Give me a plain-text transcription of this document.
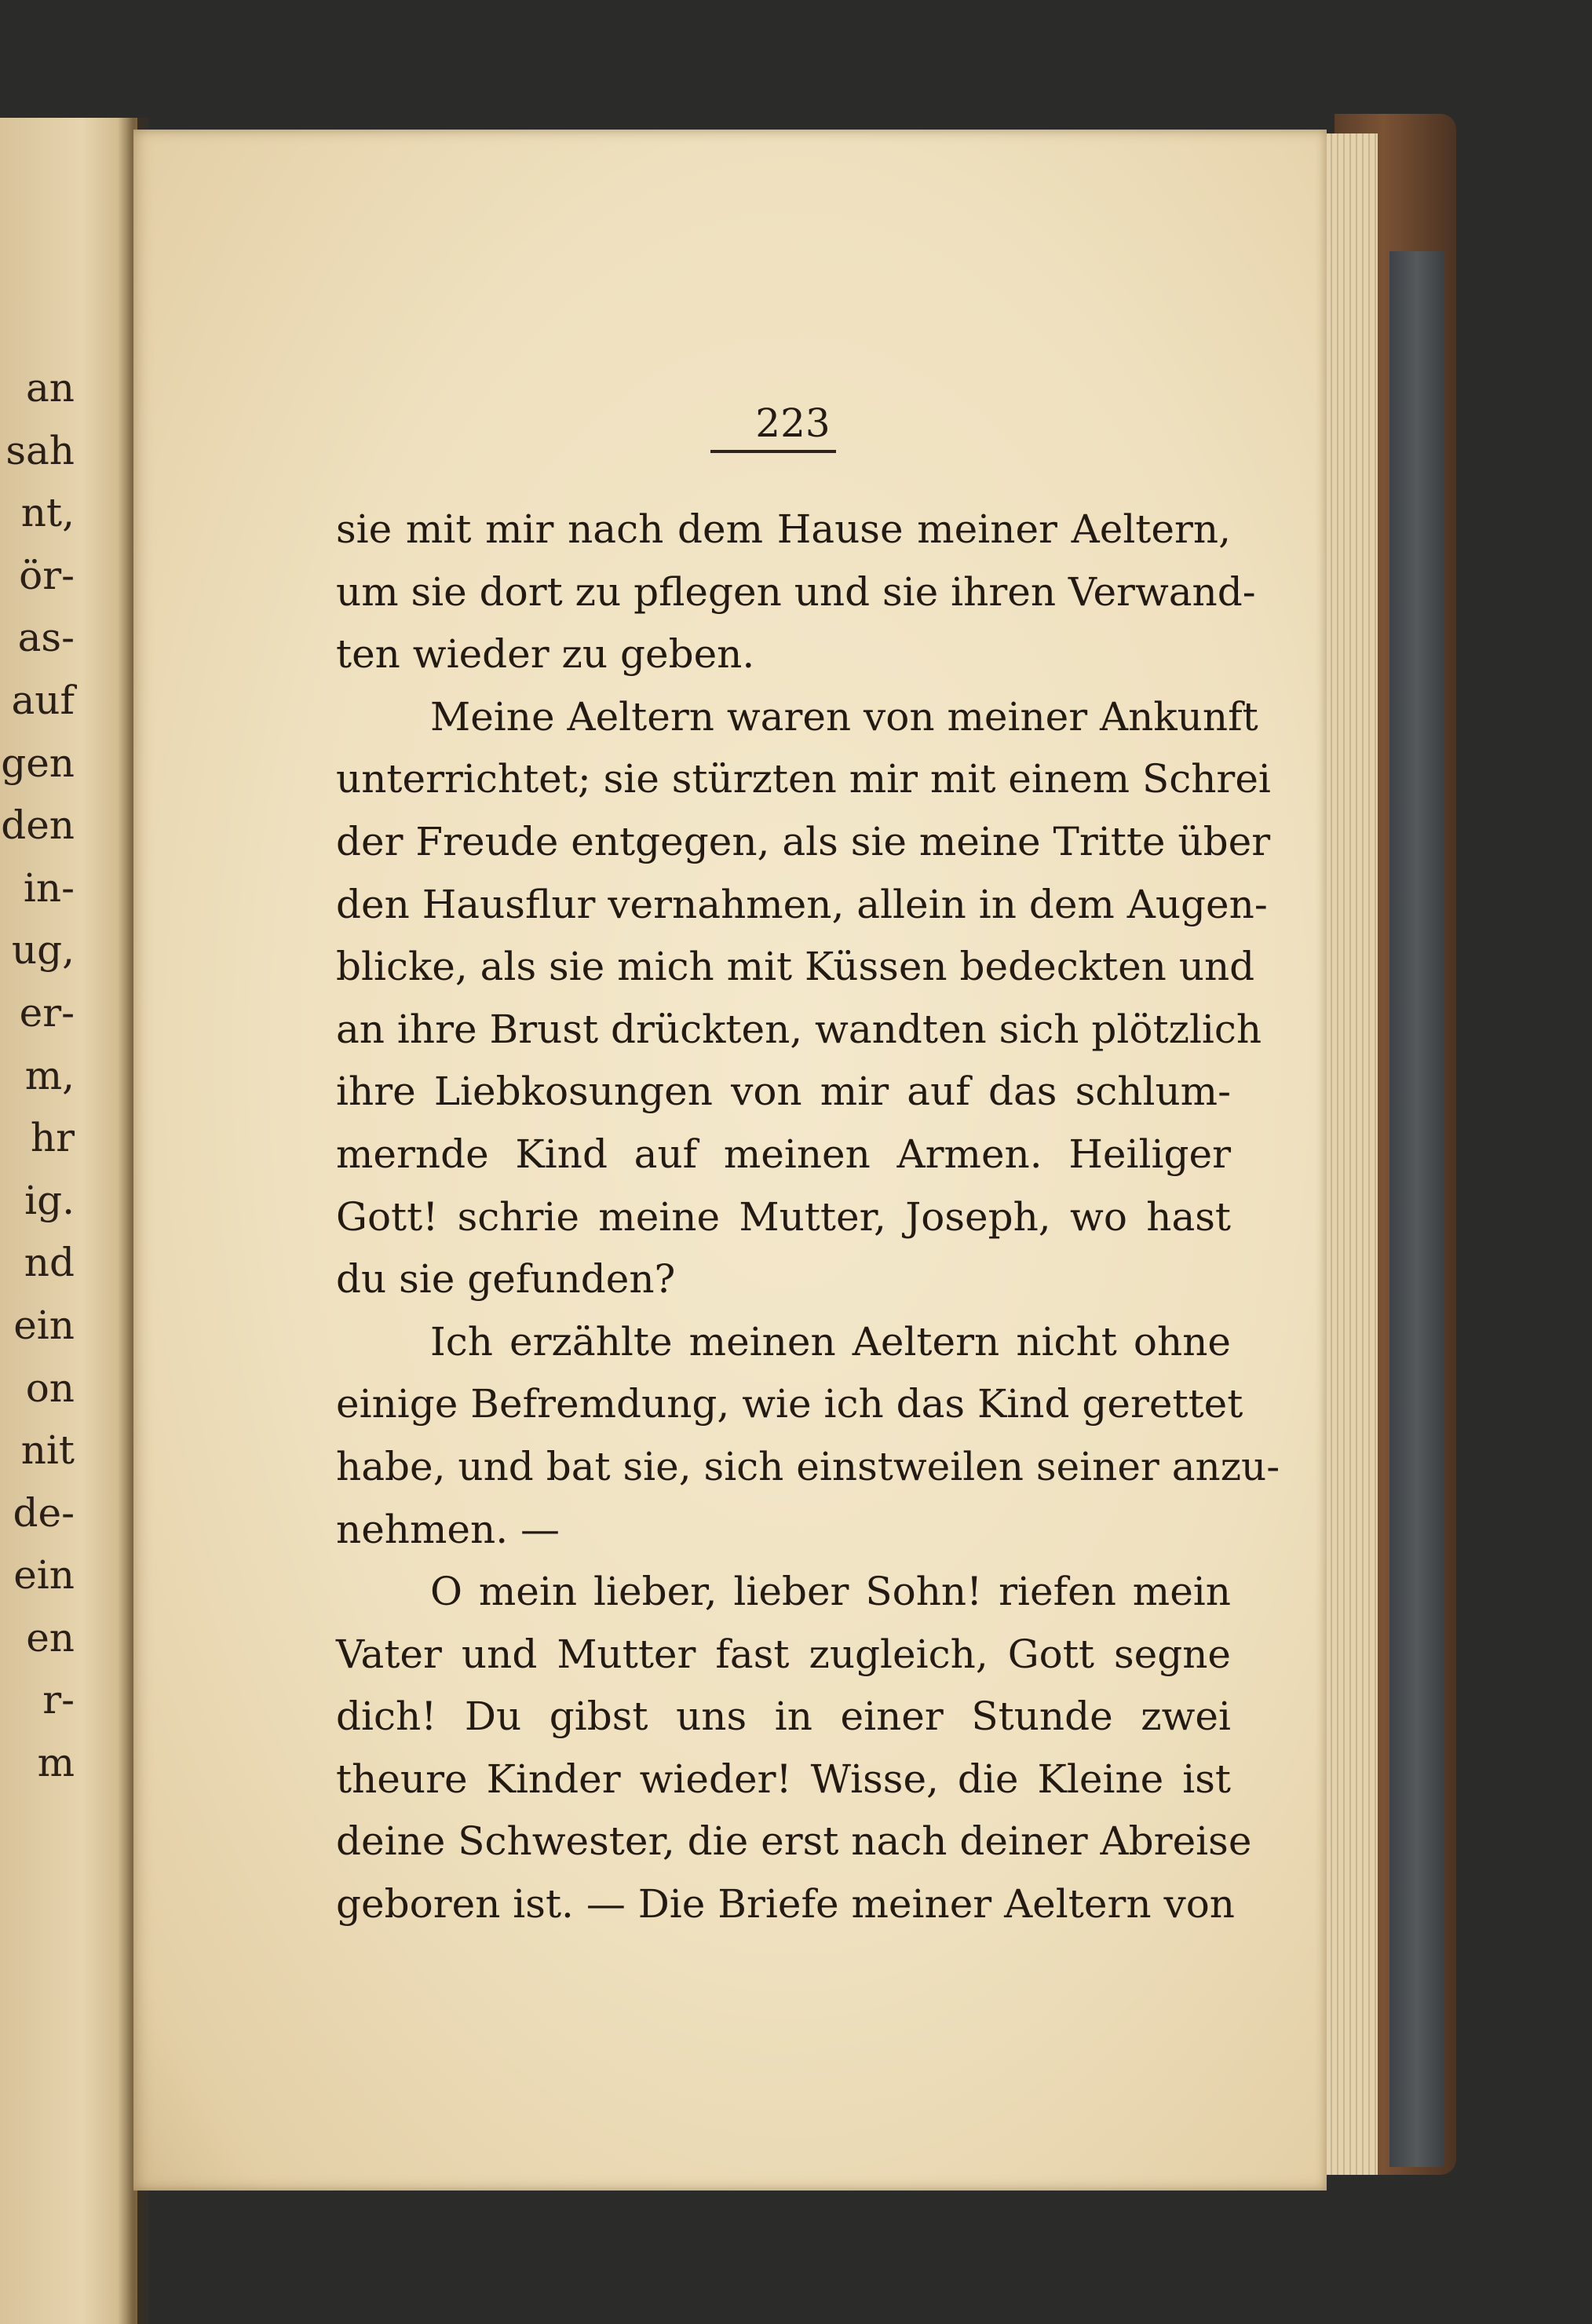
an
sah
nt,
ör-
as-
auf
gen
den
in-
ug,
er-
m,
hr
ig.
nd
ein
on
nit
de-
ein
en
r-
m
223
sie mit mir nach dem Hause meiner Aeltern,
um sie dort zu pflegen und sie ihren Verwand-
ten wieder zu geben.
Meine Aeltern waren von meiner Ankunft
unterrichtet; sie stürzten mir mit einem Schrei
der Freude entgegen, als sie meine Tritte über
den Hausflur vernahmen, allein in dem Augen-
blicke, als sie mich mit Küssen bedeckten und
an ihre Brust drückten, wandten sich plötzlich
ihre Liebkosungen von mir auf das schlum-
mernde Kind auf meinen Armen. Heiliger
Gott! schrie meine Mutter, Joseph, wo hast
du sie gefunden?
Ich erzählte meinen Aeltern nicht ohne
einige Befremdung, wie ich das Kind gerettet
habe, und bat sie, sich einstweilen seiner anzu-
nehmen. —
O mein lieber, lieber Sohn! riefen mein
Vater und Mutter fast zugleich, Gott segne
dich! Du gibst uns in einer Stunde zwei
theure Kinder wieder! Wisse, die Kleine ist
deine Schwester, die erst nach deiner Abreise
geboren ist. — Die Briefe meiner Aeltern von
